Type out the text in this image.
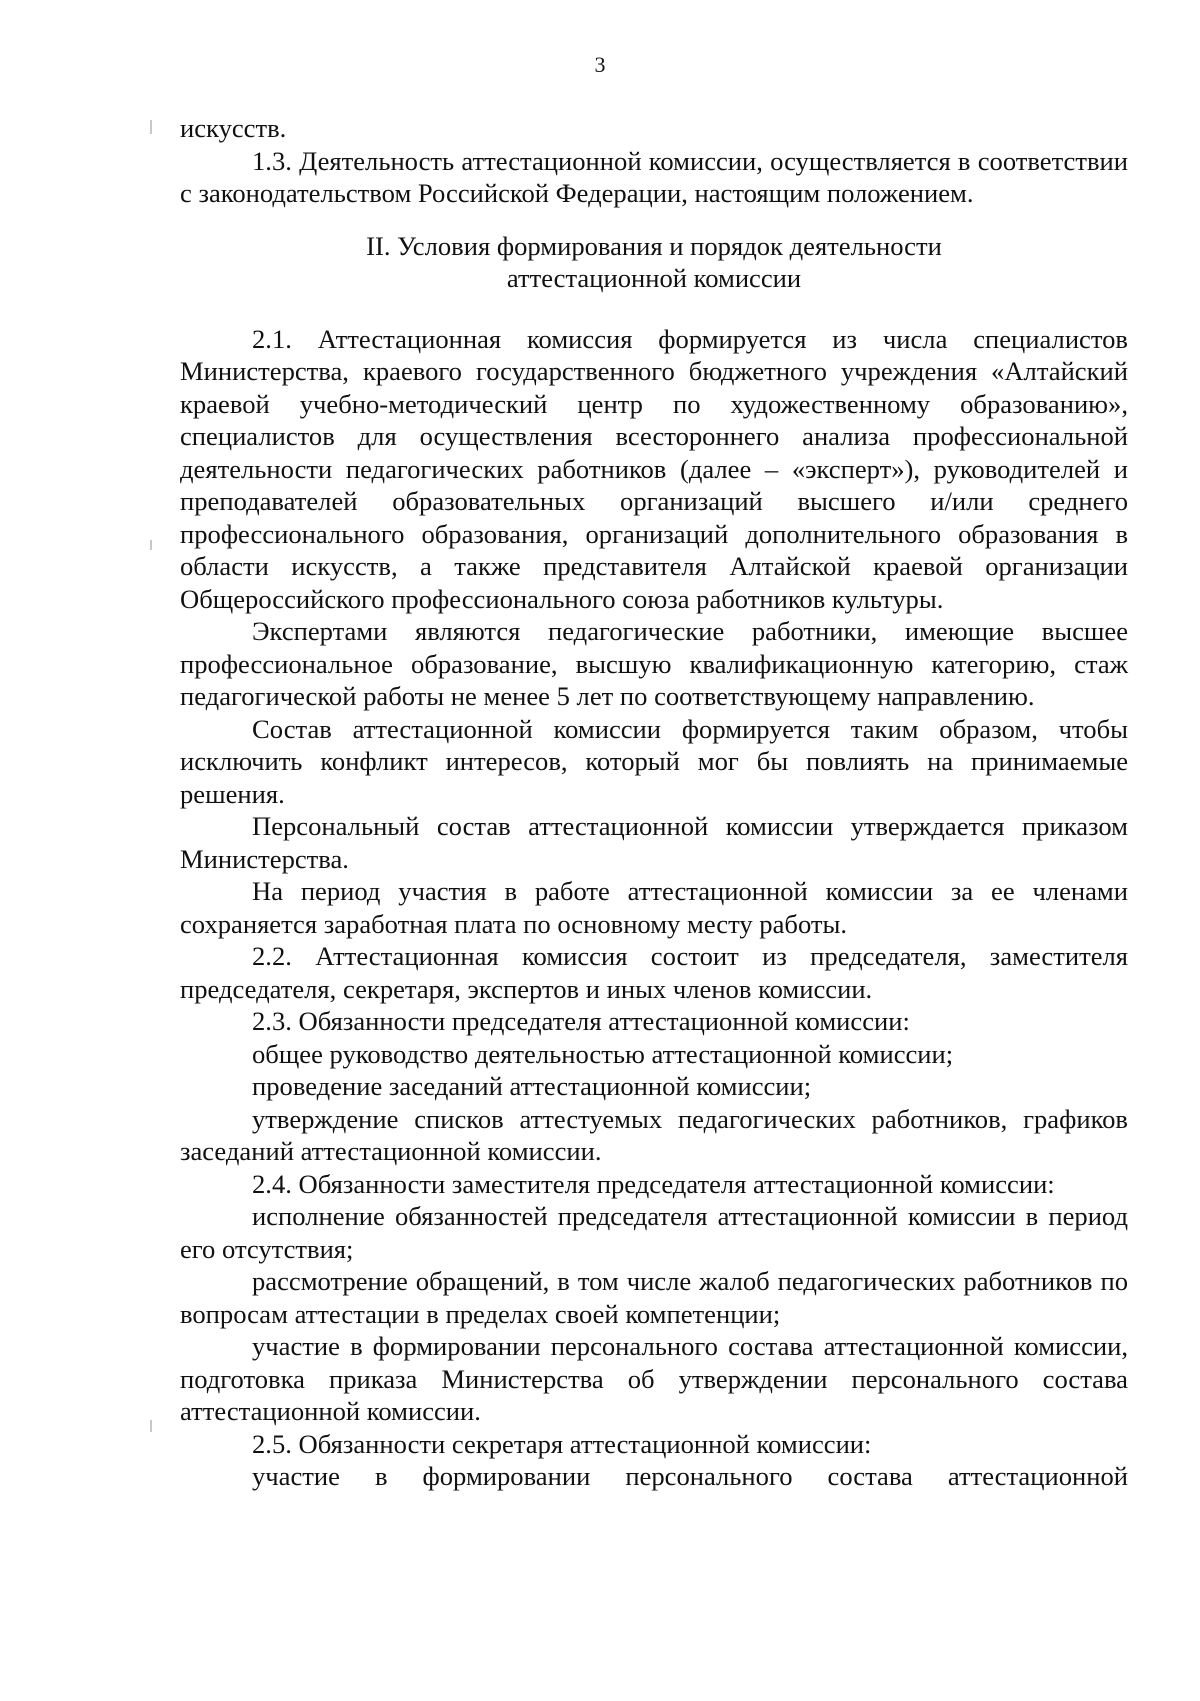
3

искусств.

1.3. Деятельность аттестационной комиссии, осуществляется в соответствии с законодательством Российской Федерации, настоящим положением.

II. Условия формирования и порядок деятельности
аттестационной комиссии

2.1. Аттестационная комиссия формируется из числа специалистов Министерства, краевого государственного бюджетного учреждения «Алтайский краевой учебно-методический центр по художественному образованию», специалистов для осуществления всестороннего анализа профессиональной деятельности педагогических работников (далее – «эксперт»), руководителей и преподавателей образовательных организаций высшего и/или среднего профессионального образования, организаций дополнительного образования в области искусств, а также представителя Алтайской краевой организации Общероссийского профессионального союза работников культуры.

Экспертами являются педагогические работники, имеющие высшее профессиональное образование, высшую квалификационную категорию, стаж педагогической работы не менее 5 лет по соответствующему направлению.

Состав аттестационной комиссии формируется таким образом, чтобы исключить конфликт интересов, который мог бы повлиять на принимаемые решения.

Персональный состав аттестационной комиссии утверждается приказом Министерства.

На период участия в работе аттестационной комиссии за ее членами сохраняется заработная плата по основному месту работы.

2.2. Аттестационная комиссия состоит из председателя, заместителя председателя, секретаря, экспертов и иных членов комиссии.

2.3. Обязанности председателя аттестационной комиссии:

общее руководство деятельностью аттестационной комиссии;

проведение заседаний аттестационной комиссии;

утверждение списков аттестуемых педагогических работников, графиков заседаний аттестационной комиссии.

2.4. Обязанности заместителя председателя аттестационной комиссии:

исполнение обязанностей председателя аттестационной комиссии в период его отсутствия;

рассмотрение обращений, в том числе жалоб педагогических работников по вопросам аттестации в пределах своей компетенции;

участие в формировании персонального состава аттестационной комиссии, подготовка приказа Министерства об утверждении персонального состава аттестационной комиссии.

2.5. Обязанности секретаря аттестационной комиссии:

участие в формировании персонального состава аттестационной
